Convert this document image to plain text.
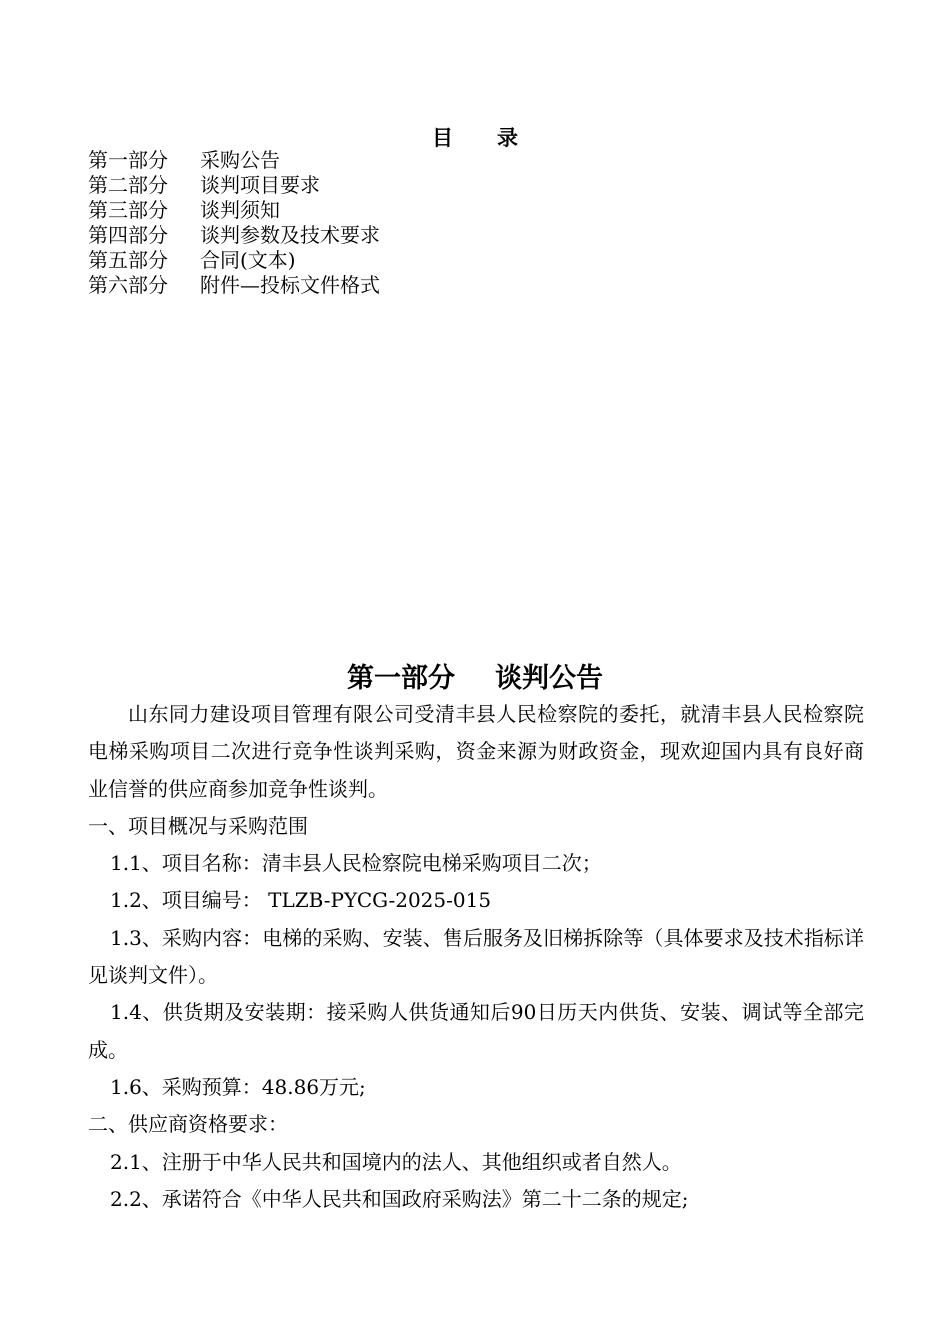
目 录
第一部分	采购公告
第二部分	谈判项目要求
第三部分	谈判须知
第四部分	谈判参数及技术要求
第五部分	合同(文本)
第六部分	附件—投标文件格式
第一部分 谈判公告

山东同力建设项目管理有限公司受清丰县人民检察院的委托，就清丰县人民检察院电梯采购项目二次进行竞争性谈判采购，资金来源为财政资金，现欢迎国内具有良好商业信誉的供应商参加竞争性谈判。

一、项目概况与采购范围

1.1、项目名称：清丰县人民检察院电梯采购项目二次；

1.2、项目编号： TLZB-PYCG-2025-015

1.3、采购内容：电梯的采购、安装、售后服务及旧梯拆除等（具体要求及技术指标详见谈判文件）。

1.4、供货期及安装期：接采购人供货通知后90日历天内供货、安装、调试等全部完成。

1.6、采购预算：48.86万元;

二、供应商资格要求：

2.1、注册于中华人民共和国境内的法人、其他组织或者自然人。

2.2、承诺符合《中华人民共和国政府采购法》第二十二条的规定;
